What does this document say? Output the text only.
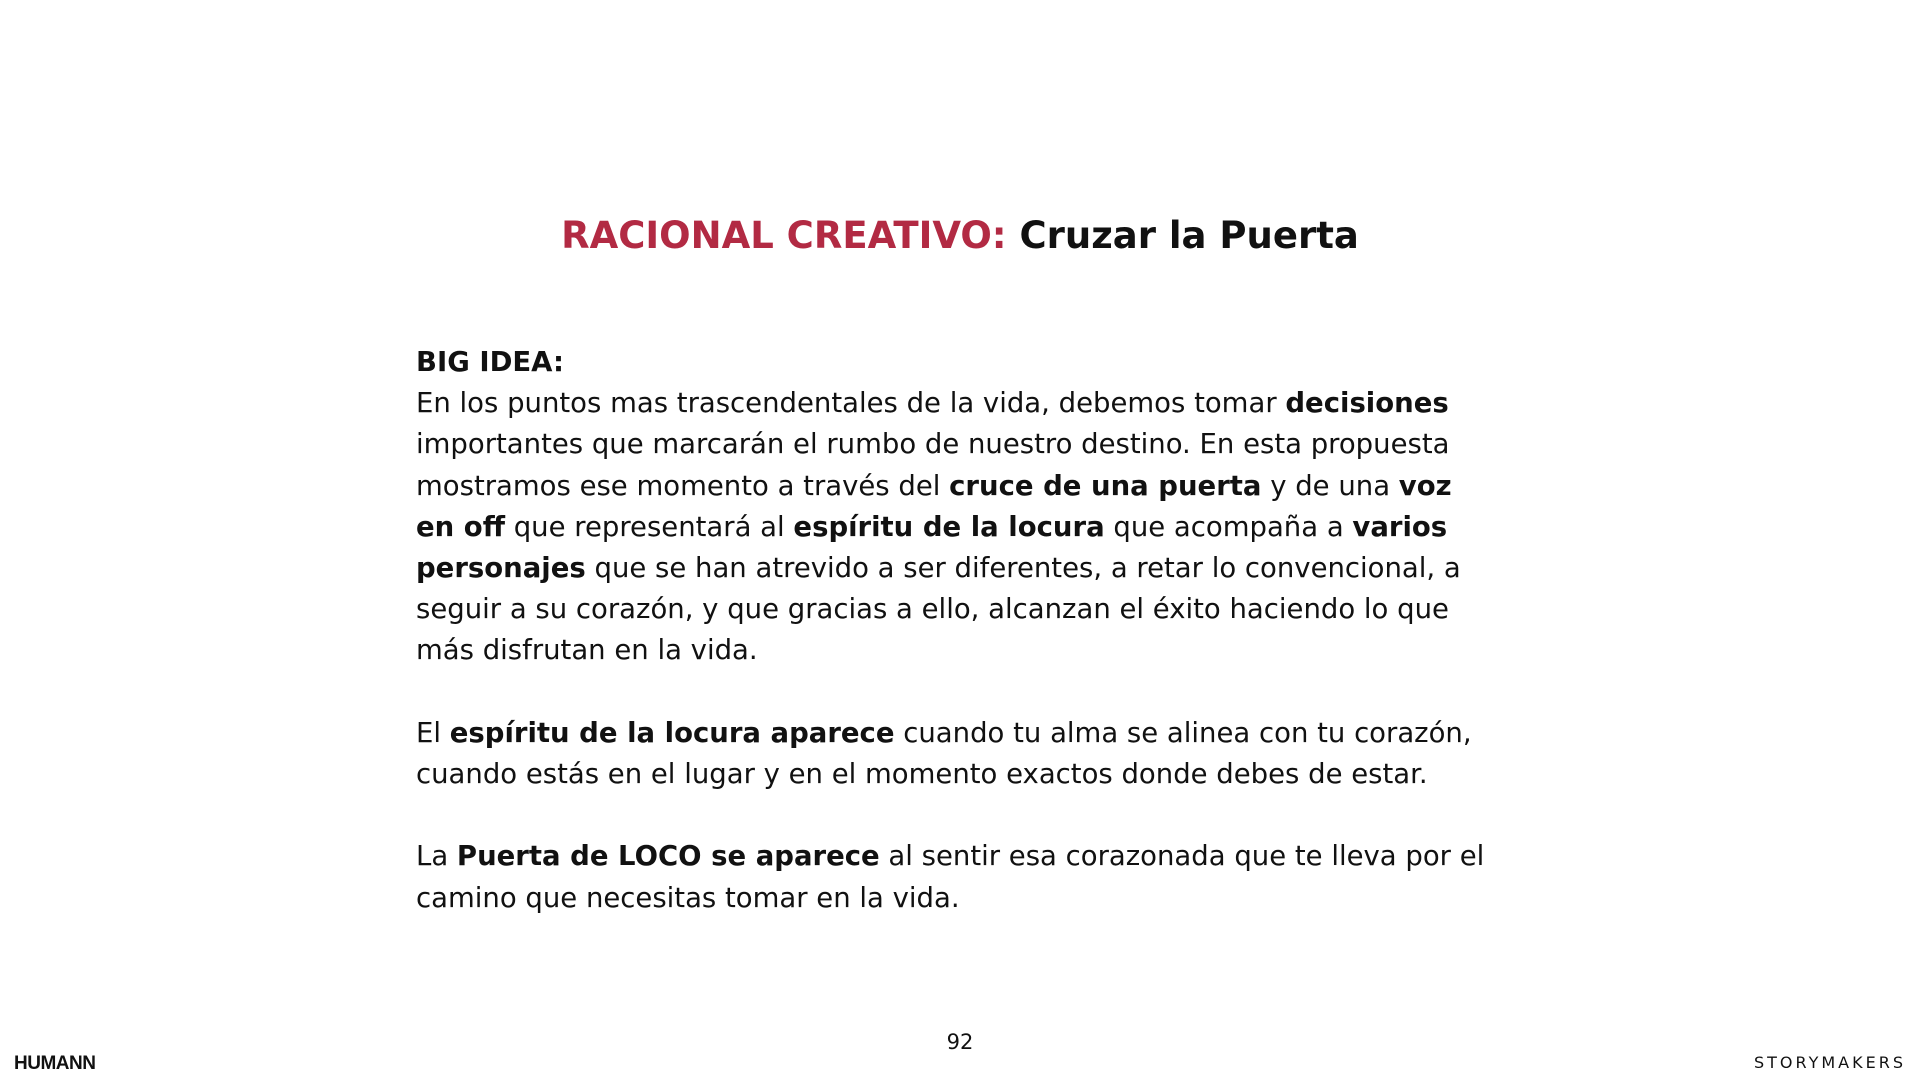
RACIONAL CREATIVO: Cruzar la Puerta

BIG IDEA:

En los puntos mas trascendentales de la vida, debemos tomar decisiones importantes que marcarán el rumbo de nuestro destino. En esta propuesta mostramos ese momento a través del cruce de una puerta y de una voz en off que representará al espíritu de la locura que acompaña a varios personajes que se han atrevido a ser diferentes, a retar lo convencional, a seguir a su corazón, y que gracias a ello, alcanzan el éxito haciendo lo que más disfrutan en la vida.

El espíritu de la locura aparece cuando tu alma se alinea con tu corazón, cuando estás en el lugar y en el momento exactos donde debes de estar.

La Puerta de LOCO se aparece al sentir esa corazonada que te lleva por el camino que necesitas tomar en la vida.

92
HUMANN	STORYMAKERS
